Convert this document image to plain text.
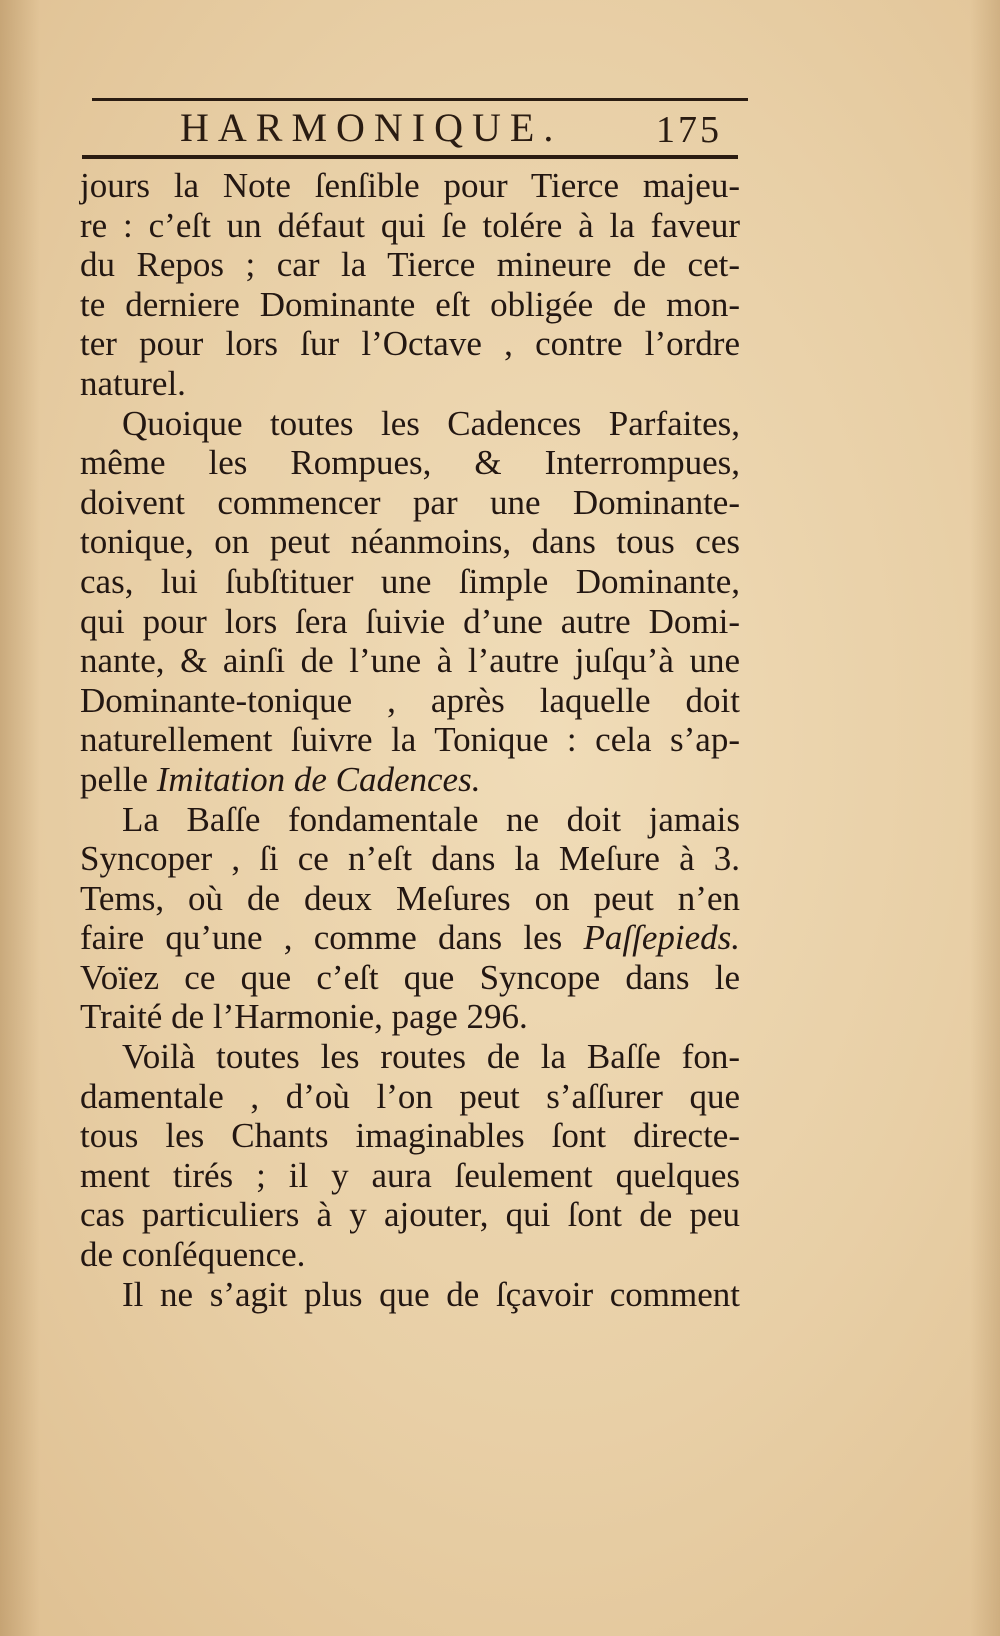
HARMONIQUE. 175
jours la Note ſenſible pour Tierce majeu-
re : c’eſt un défaut qui ſe tolére à la faveur
du Repos ; car la Tierce mineure de cet-
te derniere Dominante eſt obligée de mon-
ter pour lors ſur l’Octave , contre l’ordre
naturel.
Quoique toutes les Cadences Parfaites,
même les Rompues, & Interrompues,
doivent commencer par une Dominante-
tonique, on peut néanmoins, dans tous ces
cas, lui ſubſtituer une ſimple Dominante,
qui pour lors ſera ſuivie d’une autre Domi-
nante, & ainſi de l’une à l’autre juſqu’à une
Dominante-tonique , après laquelle doit
naturellement ſuivre la Tonique : cela s’ap-
pelle Imitation de Cadences.
La Baſſe fondamentale ne doit jamais
Syncoper , ſi ce n’eſt dans la Meſure à 3.
Tems, où de deux Meſures on peut n’en
faire qu’une , comme dans les Paſſepieds.
Voïez ce que c’eſt que Syncope dans le
Traité de l’Harmonie, page 296.
Voilà toutes les routes de la Baſſe fon-
damentale , d’où l’on peut s’aſſurer que
tous les Chants imaginables ſont directe-
ment tirés ; il y aura ſeulement quelques
cas particuliers à y ajouter, qui ſont de peu
de conſéquence.
Il ne s’agit plus que de ſçavoir comment
